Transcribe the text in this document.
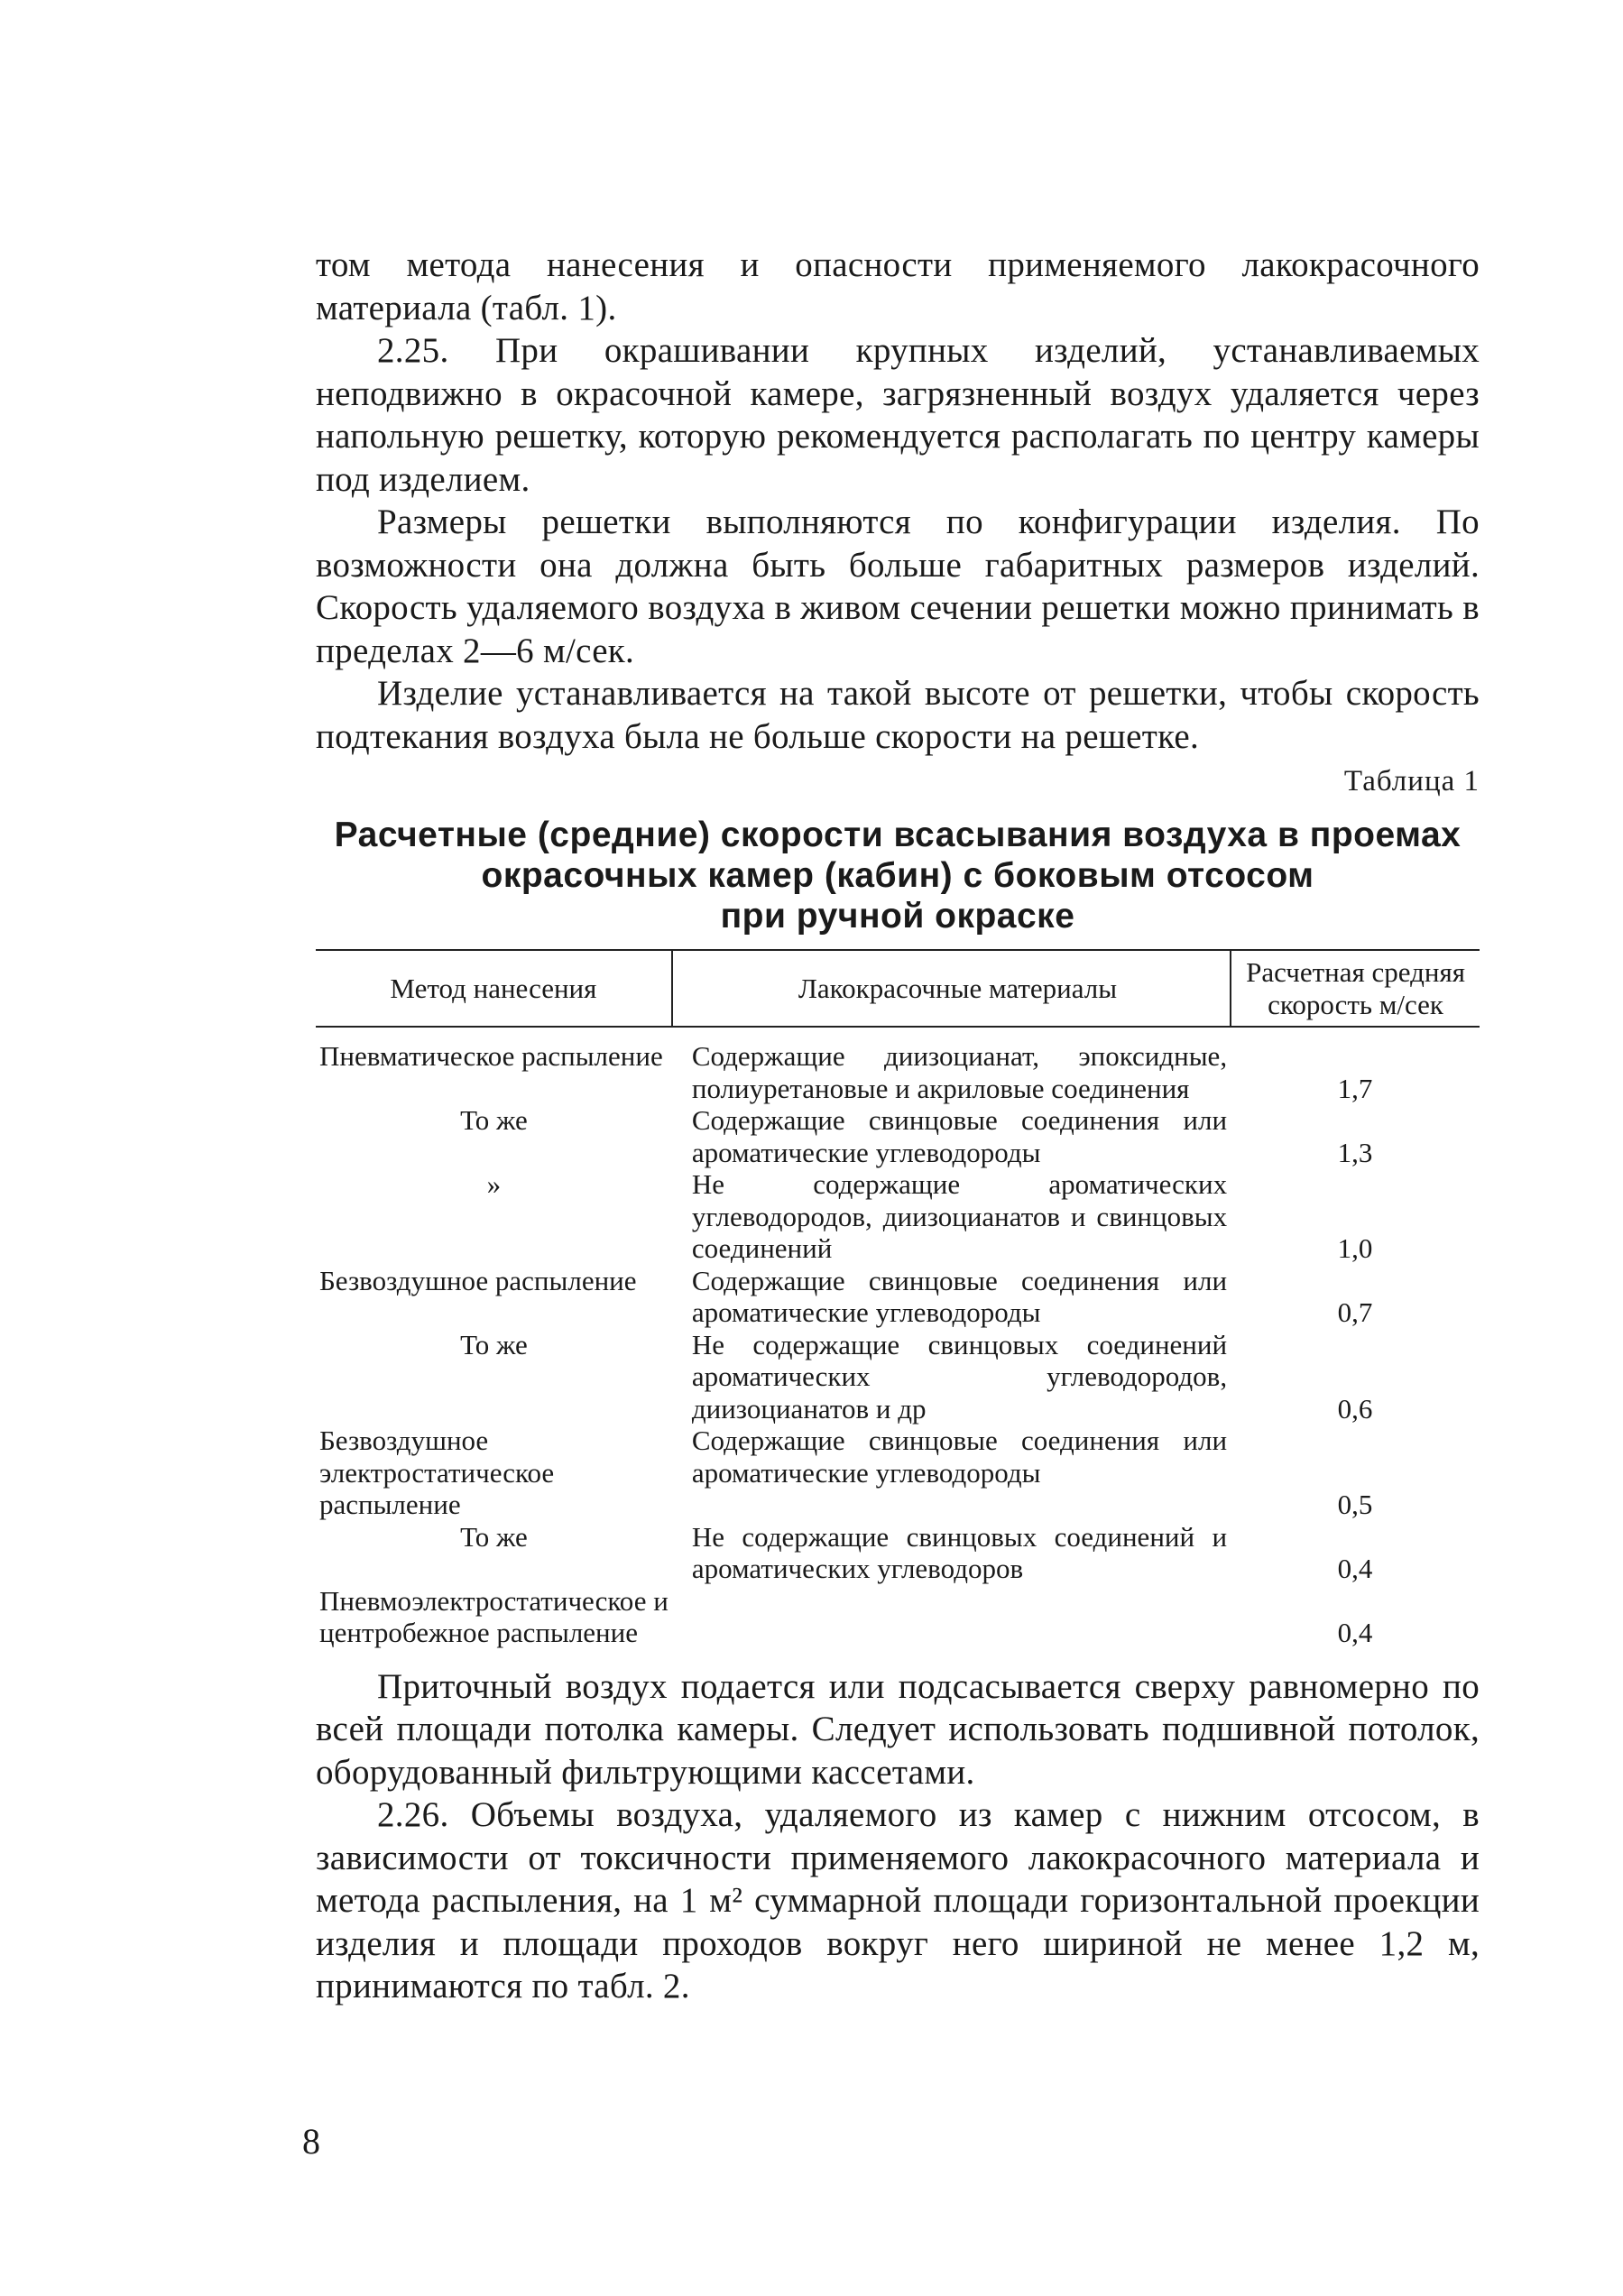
том метода нанесения и опасности применяемого лакокрасочного материала (табл. 1).

2.25. При окрашивании крупных изделий, устанавливаемых неподвижно в окрасочной камере, загрязненный воздух удаляется через напольную решетку, которую рекомендуется располагать по центру камеры под изделием.

Размеры решетки выполняются по конфигурации изделия. По возможности она должна быть больше габаритных размеров изделий. Скорость удаляемого воздуха в живом сечении решетки можно принимать в пределах 2—6 м/сек.

Изделие устанавливается на такой высоте от решетки, чтобы скорость подтекания воздуха была не больше скорости на решетке.

Таблица 1
Расчетные (средние) скорости всасывания воздуха в проемах
окрасочных камер (кабин) с боковым отсосом
при ручной окраске
Метод нанесения	Лакокрасочные материалы	Расчетная средняя скорость м/сек
Пневматическое распыление	Содержащие диизоцианат, эпоксидные, полиуретановые и акриловые соединения	1,7
То же	Содержащие свинцовые соединения или ароматические углеводороды	1,3
»	Не содержащие ароматических углеводородов, диизоцианатов и свинцовых соединений	1,0
Безвоздушное распыление	Содержащие свинцовые соединения или ароматические углеводороды	0,7
То же	Не содержащие свинцовых соединений ароматических углеводородов, диизоцианатов и др	0,6
Безвоздушное электростатическое распыление	Содержащие свинцовые соединения или ароматические углеводороды	0,5
То же	Не содержащие свинцовых соединений и ароматических углеводоров	0,4
Пневмоэлектростатическое и центробежное распыление		0,4

Приточный воздух подается или подсасывается сверху равномерно по всей площади потолка камеры. Следует использовать подшивной потолок, оборудованный фильтрующими кассетами.

2.26. Объемы воздуха, удаляемого из камер с нижним отсосом, в зависимости от токсичности применяемого лакокрасочного материала и метода распыления, на 1 м² суммарной площади горизонтальной проекции изделия и площади проходов вокруг него шириной не менее 1,2 м, принимаются по табл. 2.

8
